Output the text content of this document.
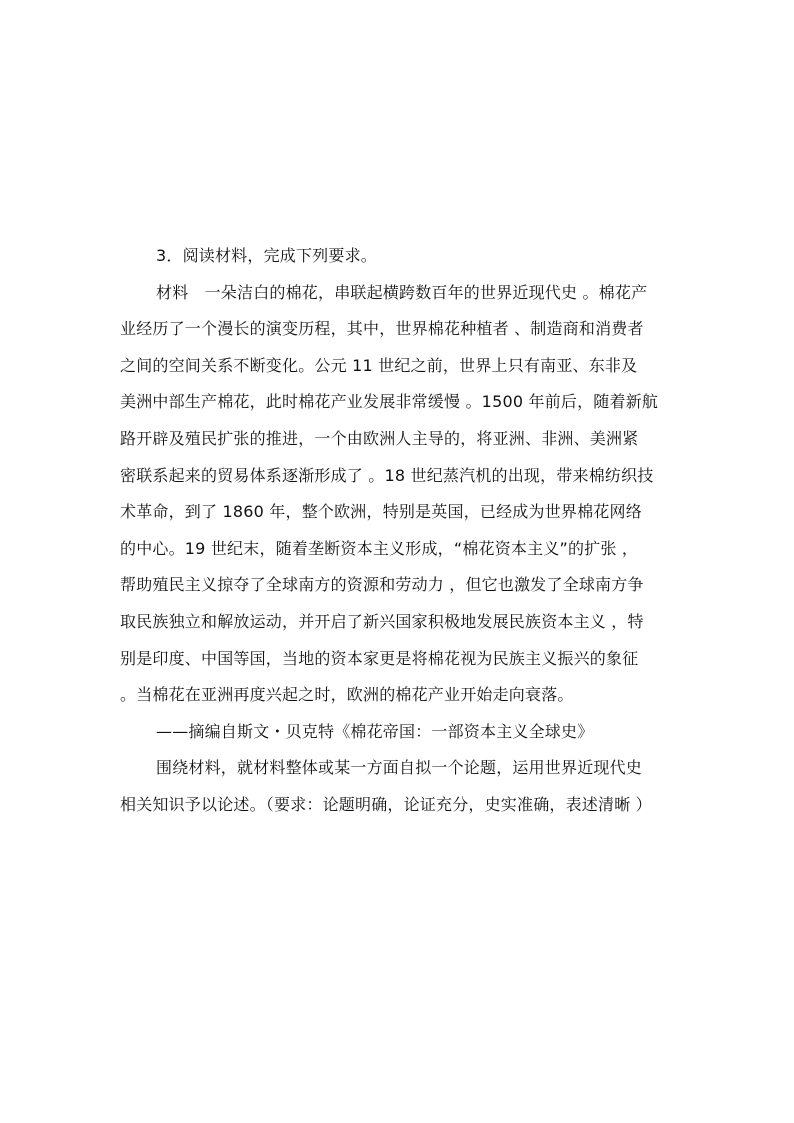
3．阅读材料，完成下列要求。
材料　一朵洁白的棉花，串联起横跨数百年的世界近现代史 。棉花产
业经历了一个漫长的演变历程，其中，世界棉花种植者 、制造商和消费者
之间的空间关系不断变化。公元 11 世纪之前，世界上只有南亚、东非及
美洲中部生产棉花，此时棉花产业发展非常缓慢 。1500 年前后，随着新航
路开辟及殖民扩张的推进，一个由欧洲人主导的，将亚洲、非洲、美洲紧
密联系起来的贸易体系逐渐形成了 。18 世纪蒸汽机的出现，带来棉纺织技
术革命，到了 1860 年，整个欧洲，特别是英国，已经成为世界棉花网络
的中心。19 世纪末，随着垄断资本主义形成，“棉花资本主义”的扩张 ，
帮助殖民主义掠夺了全球南方的资源和劳动力 ，但它也激发了全球南方争
取民族独立和解放运动，并开启了新兴国家积极地发展民族资本主义 ，特
别是印度、中国等国，当地的资本家更是将棉花视为民族主义振兴的象征
。当棉花在亚洲再度兴起之时，欧洲的棉花产业开始走向衰落。
——摘编自斯文・贝克特《棉花帝国：一部资本主义全球史》
围绕材料，就材料整体或某一方面自拟一个论题，运用世界近现代史
相关知识予以论述。（要求：论题明确，论证充分，史实准确，表述清晰 ）
